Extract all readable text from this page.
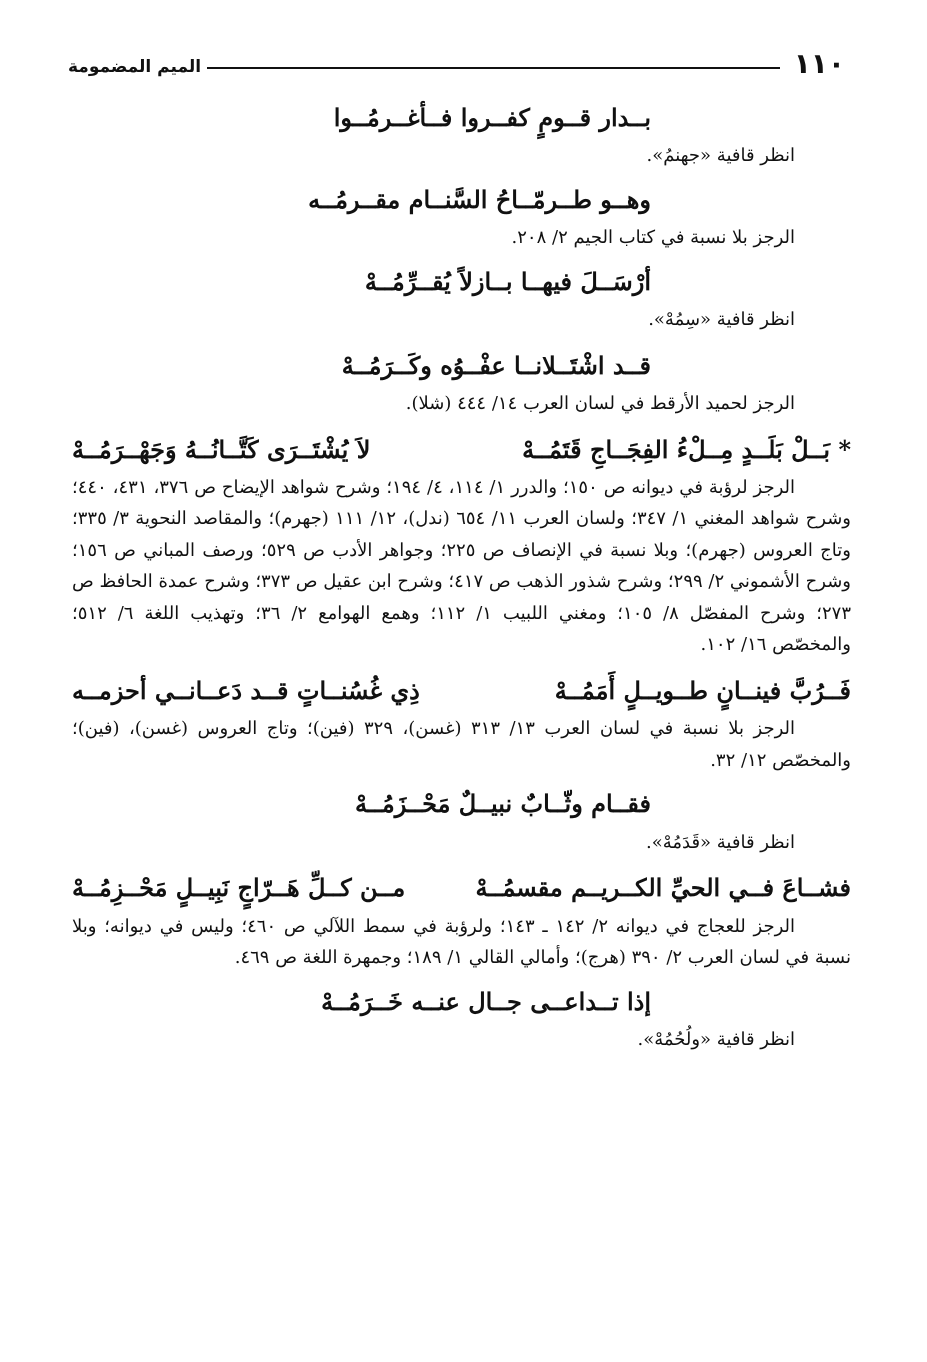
١١٠
الميم المضمومة

بــدار قــومٍ كفــروا فــأغــرمُــوا

انظر قافية «جهنمُ».

وهــو طــرمّــاحُ السَّنــام مقــرمُــه

الرجز بلا نسبة في كتاب الجيم ٢/ ٢٠٨.

أرْسَــلَ فيهــا بــازلاً يُقــرِّمُــهْ

انظر قافية «سِمُهْ».

قــد اشْتَــلانــا عفْــوُه وكَــرَمُــهْ

الرجز لحميد الأرقط في لسان العرب ١٤/ ٤٤٤ (شلا).

* بَــلْ بَلَــدٍ مِــلْءُ الفِجَــاجِ قَتَمُــهْ
لاَ يُشْتَــرَى كَتَّــانُــهُ وَجَهْــرَمُــهْ

الرجز لرؤبة في ديوانه ص ١٥٠؛ والدرر ١/ ١١٤، ٤/ ١٩٤؛ وشرح شواهد الإيضاح ص ٣٧٦، ٤٣١، ٤٤٠؛ وشرح شواهد المغني ١/ ٣٤٧؛ ولسان العرب ١١/ ٦٥٤ (ندل)، ١٢/ ١١١ (جهرم)؛ والمقاصد النحوية ٣/ ٣٣٥؛ وتاج العروس (جهرم)؛ وبلا نسبة في الإنصاف ص ٢٢٥؛ وجواهر الأدب ص ٥٢٩؛ ورصف المباني ص ١٥٦؛ وشرح الأشموني ٢/ ٢٩٩؛ وشرح شذور الذهب ص ٤١٧؛ وشرح ابن عقيل ص ٣٧٣؛ وشرح عمدة الحافظ ص ٢٧٣؛ وشرح المفصّل ٨/ ١٠٥؛ ومغني اللبيب ١/ ١١٢؛ وهمع الهوامع ٢/ ٣٦؛ وتهذيب اللغة ٦/ ٥١٢؛ والمخصّص ١٦/ ١٠٢.

فَــرُبَّ فينــانٍ طــويــلٍ أَمَمُــهْ
ذِي غُسُنــاتٍ قــد دَعــانــي أحزمــه

الرجز بلا نسبة في لسان العرب ١٣/ ٣١٣ (غسن)، ٣٢٩ (فين)؛ وتاج العروس (غسن)، (فين)؛ والمخصّص ١٢/ ٣٢.

فقــام وثّــابٌ نبيــلٌ مَحْــزَمُــهْ

انظر قافية «قَدَمُهْ».

فشــاعَ فــي الحيِّ الكــريــم مقسمُــهْ
مــن كــلِّ هَــرّاجٍ نَبِيــلٍ مَحْــزِمُــهْ

الرجز للعجاج في ديوانه ٢/ ١٤٢ ـ ١٤٣؛ ولرؤبة في سمط اللآلي ص ٤٦٠؛ وليس في ديوانه؛ وبلا نسبة في لسان العرب ٢/ ٣٩٠ (هرج)؛ وأمالي القالي ١/ ١٨٩؛ وجمهرة اللغة ص ٤٦٩.

إذا تــداعــى جــال عنــه خَــرَمُــهْ

انظر قافية «ولُحُمُهْ».
